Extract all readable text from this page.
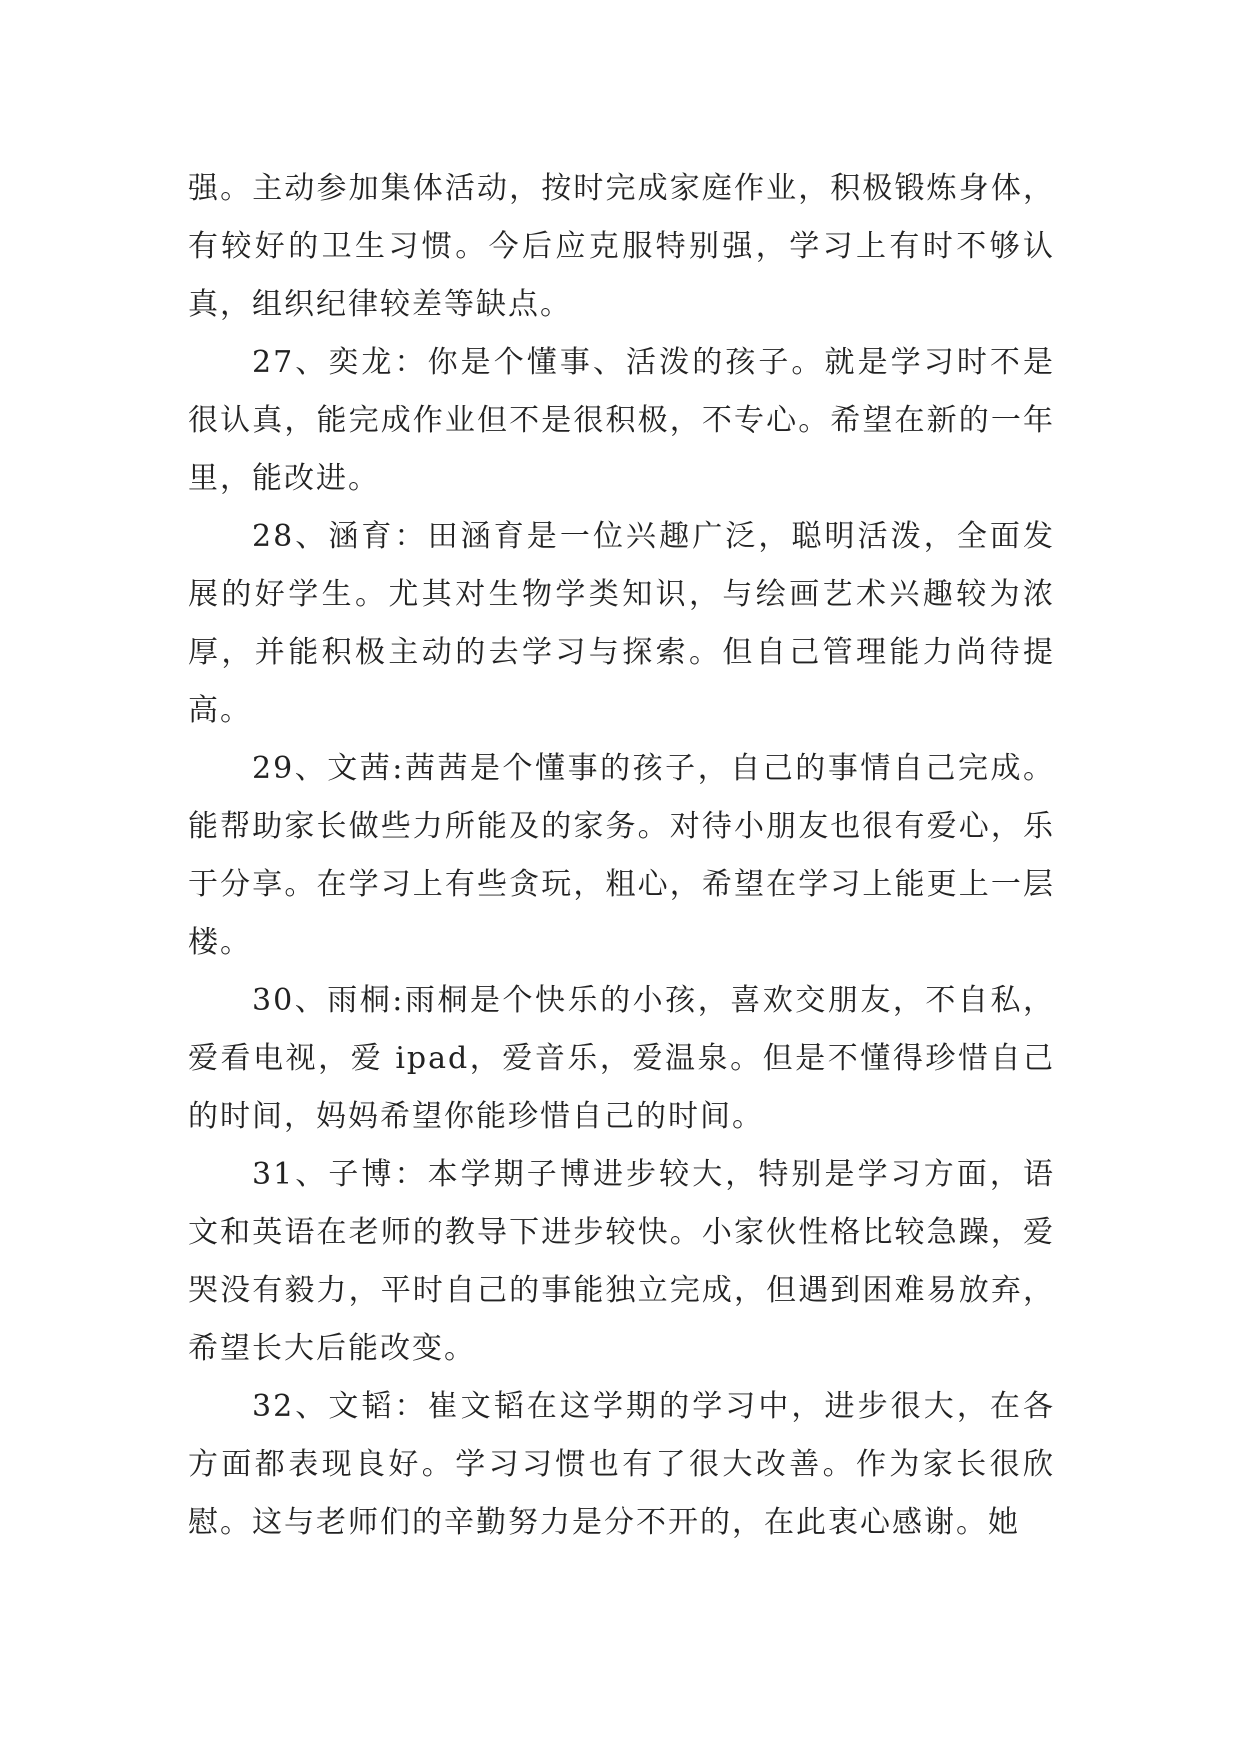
强。主动参加集体活动，按时完成家庭作业，积极锻炼身体，有较好的卫生习惯。今后应克服特别强，学习上有时不够认真，组织纪律较差等缺点。

27、奕龙：你是个懂事、活泼的孩子。就是学习时不是很认真，能完成作业但不是很积极，不专心。希望在新的一年里，能改进。

28、涵育：田涵育是一位兴趣广泛，聪明活泼，全面发展的好学生。尤其对生物学类知识，与绘画艺术兴趣较为浓厚，并能积极主动的去学习与探索。但自己管理能力尚待提高。

29、文茜:茜茜是个懂事的孩子，自己的事情自己完成。能帮助家长做些力所能及的家务。对待小朋友也很有爱心，乐于分享。在学习上有些贪玩，粗心，希望在学习上能更上一层楼。

30、雨桐:雨桐是个快乐的小孩，喜欢交朋友，不自私，爱看电视，爱 ipad，爱音乐，爱温泉。但是不懂得珍惜自己的时间，妈妈希望你能珍惜自己的时间。

31、子博：本学期子博进步较大，特别是学习方面，语文和英语在老师的教导下进步较快。小家伙性格比较急躁，爱哭没有毅力，平时自己的事能独立完成，但遇到困难易放弃，希望长大后能改变。

32、文韬：崔文韬在这学期的学习中，进步很大，在各方面都表现良好。学习习惯也有了很大改善。作为家长很欣慰。这与老师们的辛勤努力是分不开的，在此衷心感谢。她
